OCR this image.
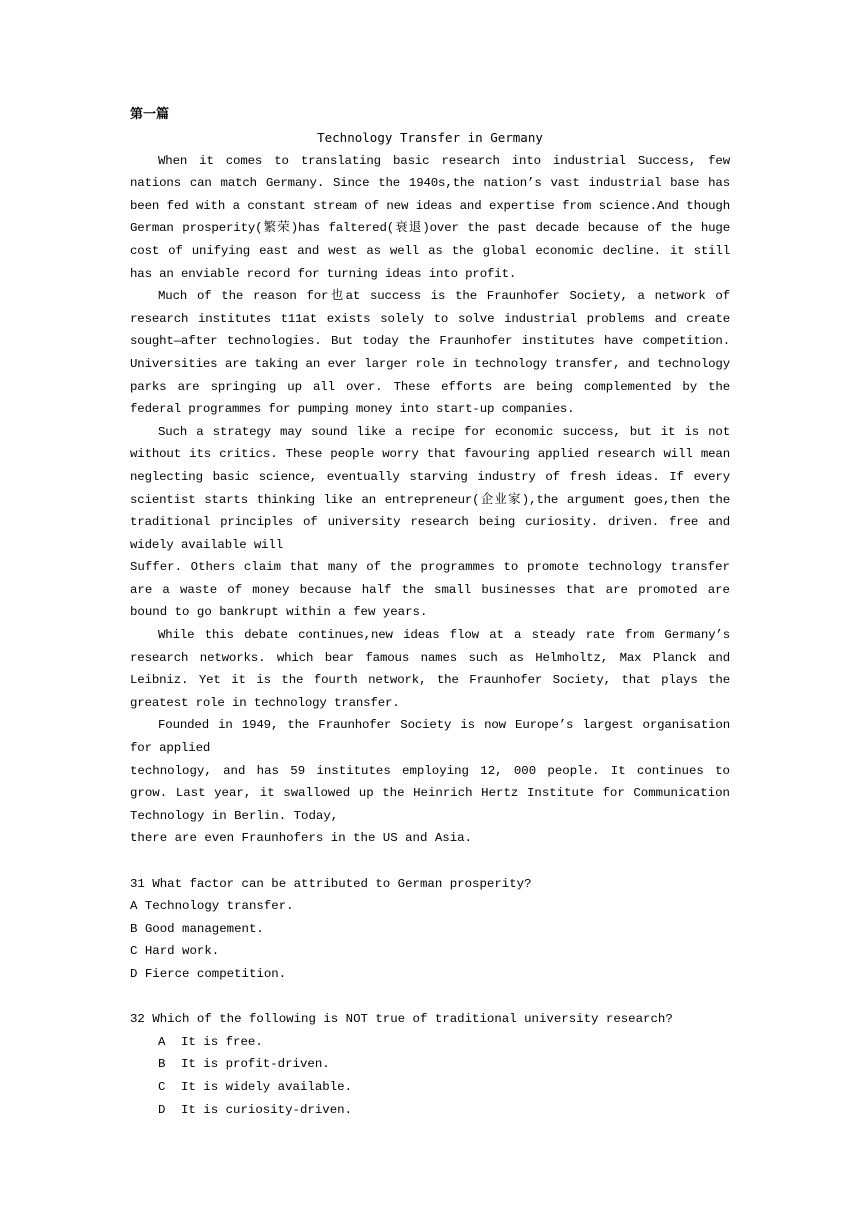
第一篇

Technology Transfer in Germany

When it comes to translating basic research into industrial Success, few nations can match Germany. Since the 1940s,the nation’s vast industrial base has been fed with a constant stream of new ideas and expertise from science.And though German prosperity(繁荣)has faltered(衰退)over the past decade because of the huge cost of unifying east and west as well as the global economic decline. it still has an enviable record for turning ideas into profit.

Much of the reason for也at success is the Fraunhofer Society, a network of research institutes t11at exists solely to solve industrial problems and create sought—after technologies. But today the Fraunhofer institutes have competition. Universities are taking an ever larger role in technology transfer, and technology parks are springing up all over. These efforts are being complemented by the federal programmes for pumping money into start-up companies.

Such a strategy may sound like a recipe for economic success, but it is not without its critics. These people worry that favouring applied research will mean neglecting basic science, eventually starving industry of fresh ideas. If every scientist starts thinking like an entrepreneur(企业家),the argument goes,then the traditional principles of university research being curiosity. driven. free and widely available will

Suffer. Others claim that many of the programmes to promote technology transfer are a waste of money because half the small businesses that are promoted are bound to go bankrupt within a few years.

While this debate continues,new ideas flow at a steady rate from Germany’s research networks. which bear famous names such as Helmholtz, Max Planck and Leibniz. Yet it is the fourth network, the Fraunhofer Society, that plays the greatest role in technology transfer.

Founded in 1949, the Fraunhofer Society is now Europe’s largest organisation for applied

technology, and has 59 institutes employing 12, 000 people. It continues to grow. Last year, it swallowed up the Heinrich Hertz Institute for Communication Technology in Berlin. Today,

there are even Fraunhofers in the US and Asia.

31 What factor can be attributed to German prosperity?

A Technology transfer.

B Good management.

C Hard work.

D Fierce competition.

32 Which of the following is NOT true of traditional university research?

A It is free.

B It is profit-driven.

C It is widely available.

D It is curiosity-driven.
